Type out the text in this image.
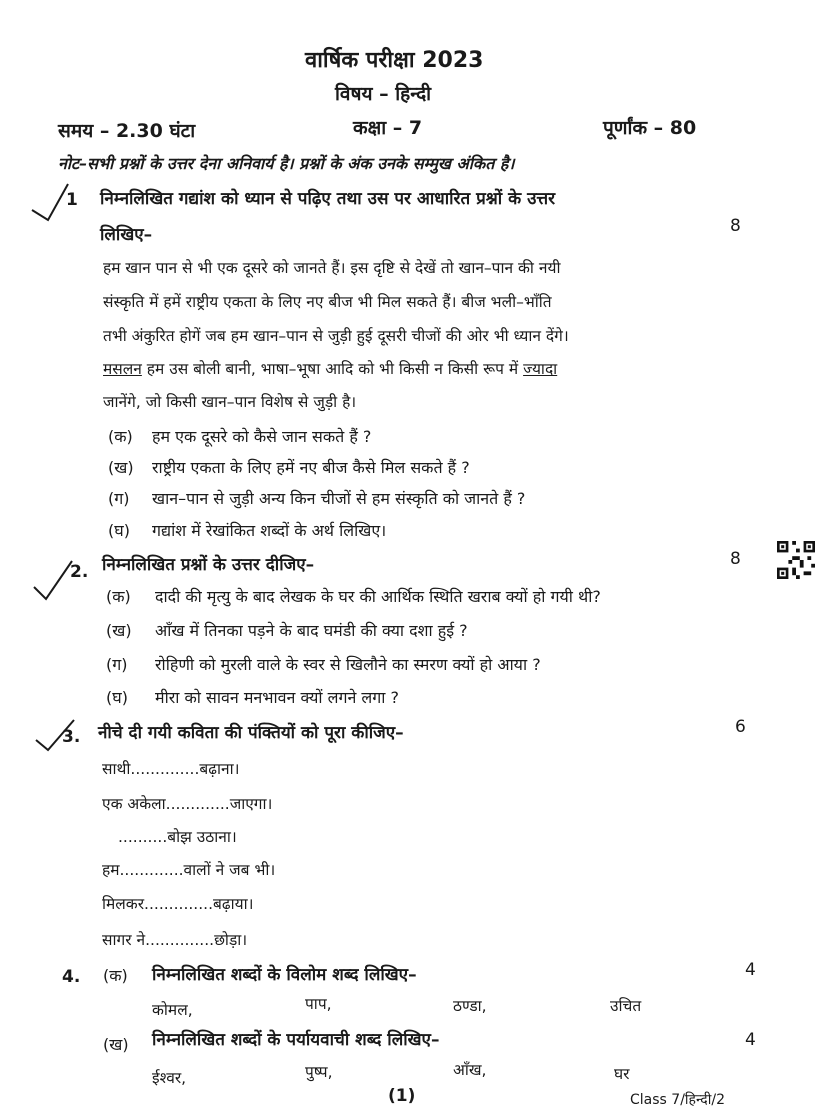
वार्षिक परीक्षा 2023
विषय – हिन्दी
समय – 2.30 घंटा	कक्षा – 7	पूर्णांक – 80
नोट–सभी प्रश्नों के उत्तर देना अनिवार्य है। प्रश्नों के अंक उनके सम्मुख अंकित है।
1 निम्नलिखित गद्यांश को ध्यान से पढ़िए तथा उस पर आधारित प्रश्नों के उत्तर
लिखिए–	8
हम खान पान से भी एक दूसरे को जानते हैं। इस दृष्टि से देखें तो खान–पान की नयी
संस्कृति में हमें राष्ट्रीय एकता के लिए नए बीज भी मिल सकते हैं। बीज भली–भाँति
तभी अंकुरित होगें जब हम खान–पान से जुड़ी हुई दूसरी चीजों की ओर भी ध्यान देंगे।
मसलन हम उस बोली बानी, भाषा–भूषा आदि को भी किसी न किसी रूप में ज्यादा
जानेंगे, जो किसी खान–पान विशेष से जुड़ी है।
(क) हम एक दूसरे को कैसे जान सकते हैं ?
(ख) राष्ट्रीय एकता के लिए हमें नए बीज कैसे मिल सकते हैं ?
(ग) खान–पान से जुड़ी अन्य किन चीजों से हम संस्कृति को जानते हैं ?
(घ) गद्यांश में रेखांकित शब्दों के अर्थ लिखिए।
2. निम्नलिखित प्रश्नों के उत्तर दीजिए–	8
(क) दादी की मृत्यु के बाद लेखक के घर की आर्थिक स्थिति खराब क्यों हो गयी थी?
(ख) आँख में तिनका पड़ने के बाद घमंडी की क्या दशा हुई ?
(ग) रोहिणी को मुरली वाले के स्वर से खिलौने का स्मरण क्यों हो आया ?
(घ) मीरा को सावन मनभावन क्यों लगने लगा ?
3. नीचे दी गयी कविता की पंक्तियों को पूरा कीजिए–	6
साथी..............बढ़ाना।
एक अकेला.............जाएगा।
..........बोझ उठाना।
हम.............वालों ने जब भी।
मिलकर..............बढ़ाया।
सागर ने..............छोड़ा।
4. (क) निम्नलिखित शब्दों के विलोम शब्द लिखिए–	4
कोमल,	पाप,	ठण्डा,	उचित
(ख) निम्नलिखित शब्दों के पर्यायवाची शब्द लिखिए–	4
ईश्वर,	पुष्प,	आँख,	घर
(1)	Class 7/हिन्दी/2
